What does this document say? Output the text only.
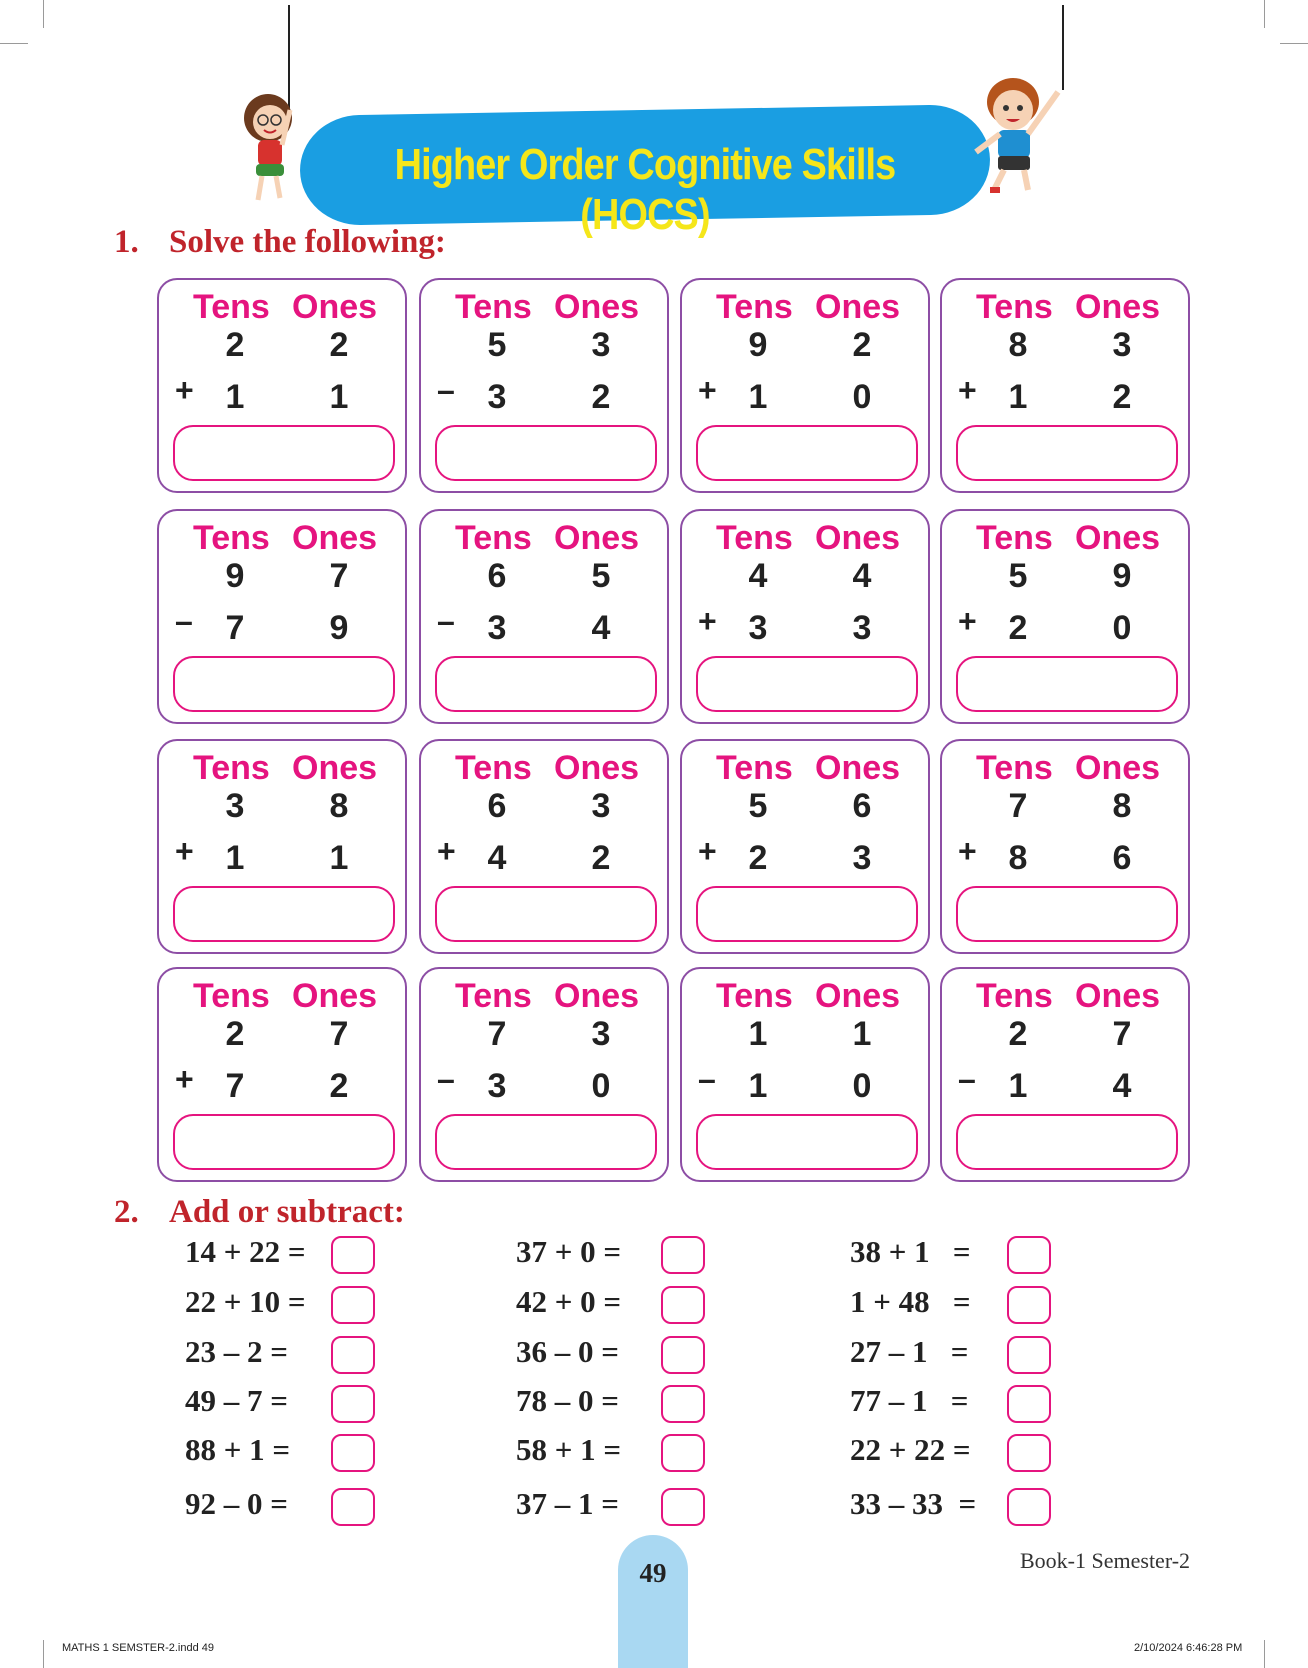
Higher Order Cognitive Skills (HOCS)
1. Solve the following:
Tens Ones
2	2
+ 1	1
Tens Ones
5	3
– 3	2
Tens Ones
9	2
+ 1	0
Tens Ones
8	3
+ 1	2
Tens Ones
9	7
– 7	9
Tens Ones
6	5
– 3	4
Tens Ones
4	4
+ 3	3
Tens Ones
5	9
+ 2	0
Tens Ones
3	8
+ 1	1
Tens Ones
6	3
+ 4	2
Tens Ones
5	6
+ 2	3
Tens Ones
7	8
+ 8	6
Tens Ones
2	7
+ 7	2
Tens Ones
7	3
– 3	0
Tens Ones
1	1
– 1	0
Tens Ones
2	7
– 1	4
2. Add or subtract:
14 + 22 =
22 + 10 =
23 – 2 =
49 – 7 =
88 + 1 =
92 – 0 =
37 + 0 =
42 + 0 =
36 – 0 =
78 – 0 =
58 + 1 =
37 – 1 =
38 + 1   =
1 + 48   =
27 – 1   =
77 – 1   =
22 + 22 =
33 – 33  =
49	Book-1 Semester-2
MATHS 1 SEMSTER-2.indd 49	2/10/2024 6:46:28 PM
